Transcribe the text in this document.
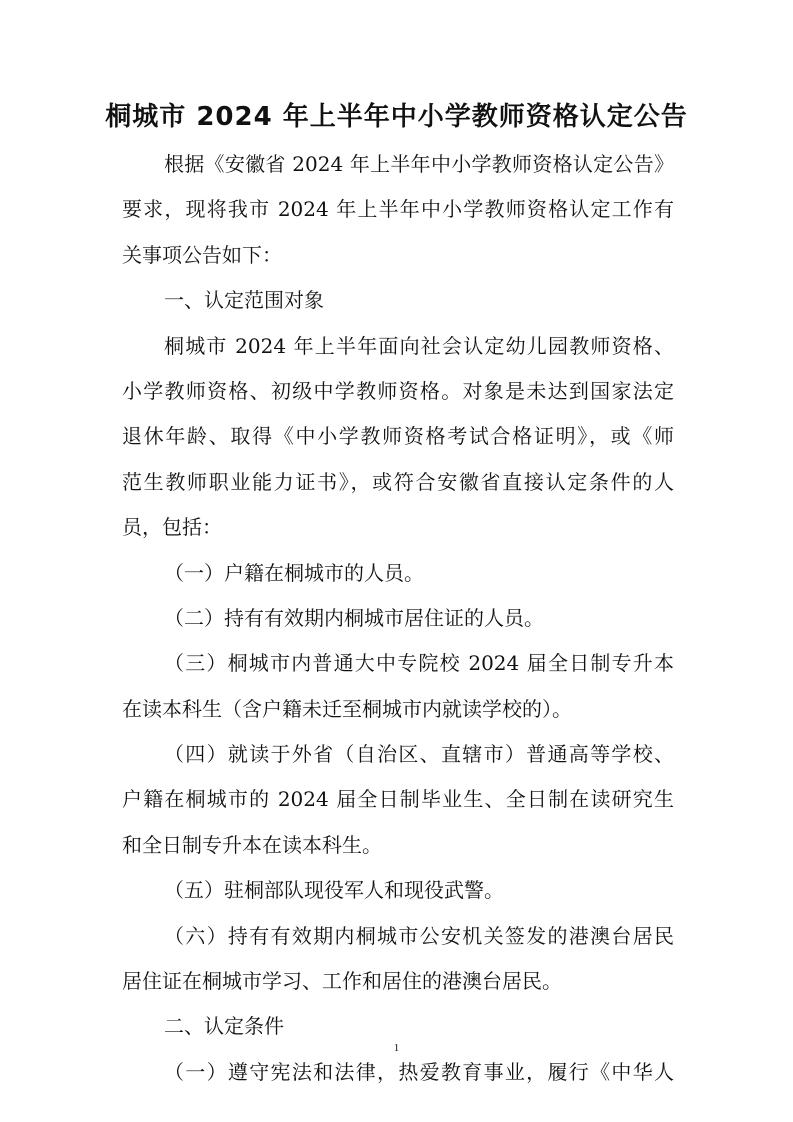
桐城市 2024 年上半年中小学教师资格认定公告
根据《安徽省 2024 年上半年中小学教师资格认定公告》
要求，现将我市 2024 年上半年中小学教师资格认定工作有
关事项公告如下：
一、认定范围对象
桐城市 2024 年上半年面向社会认定幼儿园教师资格、
小学教师资格、初级中学教师资格。对象是未达到国家法定
退休年龄、取得《中小学教师资格考试合格证明》，或《师
范生教师职业能力证书》，或符合安徽省直接认定条件的人
员，包括：
（一）户籍在桐城市的人员。
（二）持有有效期内桐城市居住证的人员。
（三）桐城市内普通大中专院校 2024 届全日制专升本
在读本科生（含户籍未迁至桐城市内就读学校的）。
（四）就读于外省（自治区、直辖市）普通高等学校、
户籍在桐城市的 2024 届全日制毕业生、全日制在读研究生
和全日制专升本在读本科生。
（五）驻桐部队现役军人和现役武警。
（六）持有有效期内桐城市公安机关签发的港澳台居民
居住证在桐城市学习、工作和居住的港澳台居民。
二、认定条件
（一）遵守宪法和法律，热爱教育事业，履行《中华人
1
